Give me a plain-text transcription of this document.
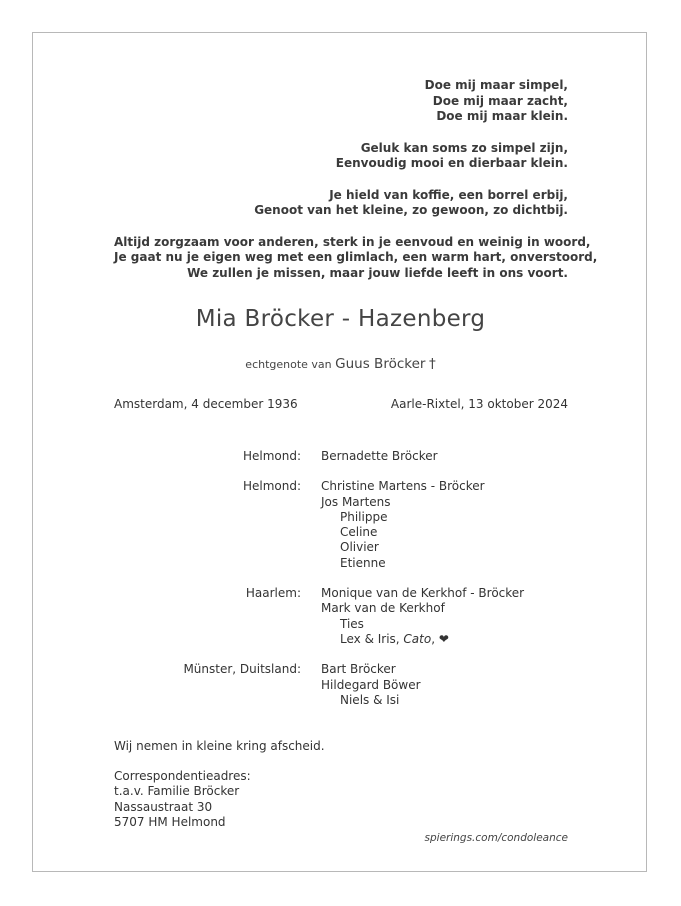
Doe mij maar simpel,
Doe mij maar zacht,
Doe mij maar klein.
Geluk kan soms zo simpel zijn,
Eenvoudig mooi en dierbaar klein.
Je hield van koffie, een borrel erbij,
Genoot van het kleine, zo gewoon, zo dichtbij.
Altijd zorgzaam voor anderen, sterk in je eenvoud en weinig in woord,
Je gaat nu je eigen weg met een glimlach, een warm hart, onverstoord,
We zullen je missen, maar jouw liefde leeft in ons voort.
Mia Bröcker - Hazenberg
echtgenote van Guus Bröcker †
Amsterdam, 4 december 1936	Aarle-Rixtel, 13 oktober 2024
Helmond:	Bernadette Bröcker
Helmond:	Christine Martens - Bröcker
Jos Martens
Philippe
Celine
Olivier
Etienne
Haarlem:	Monique van de Kerkhof - Bröcker
Mark van de Kerkhof
Ties
Lex & Iris, Cato, ❤
Münster, Duitsland:	Bart Bröcker
Hildegard Böwer
Niels & Isi
Wij nemen in kleine kring afscheid.
Correspondentieadres:
t.a.v. Familie Bröcker
Nassaustraat 30
5707 HM Helmond
spierings.com/condoleance
